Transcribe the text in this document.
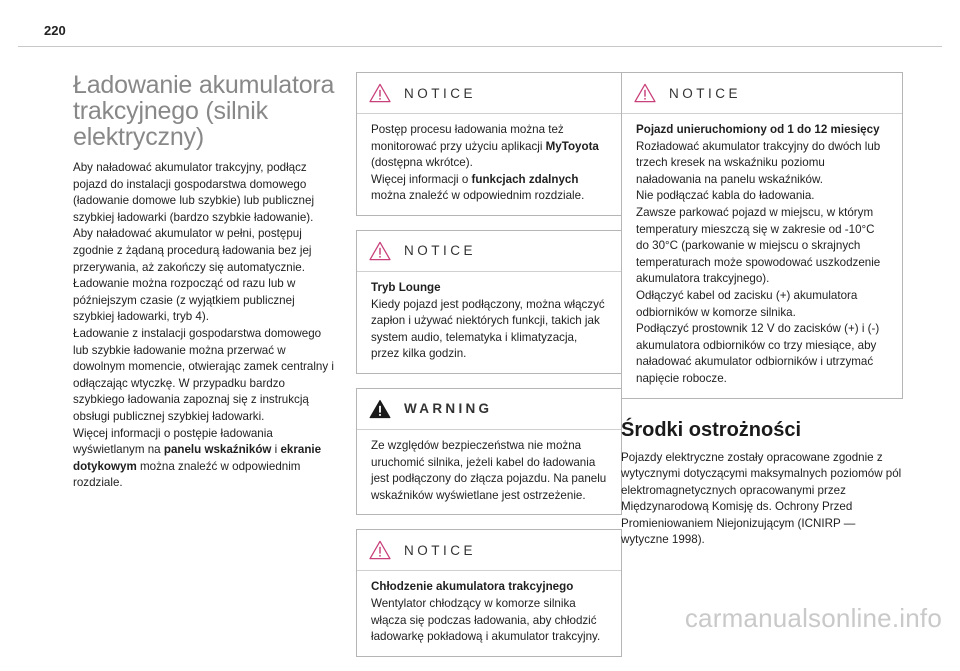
220
Ładowanie akumulatora
trakcyjnego (silnik
elektryczny)
Aby naładować akumulator trakcyjny, podłącz pojazd do instalacji gospodarstwa domowego (ładowanie domowe lub szybkie) lub publicznej szybkiej ładowarki (bardzo szybkie ładowanie).
Aby naładować akumulator w pełni, postępuj zgodnie z żądaną procedurą ładowania bez jej przerywania, aż zakończy się automatycznie.
Ładowanie można rozpocząć od razu lub w późniejszym czasie (z wyjątkiem publicznej szybkiej ładowarki, tryb 4).
Ładowanie z instalacji gospodarstwa domowego lub szybkie ładowanie można przerwać w dowolnym momencie, otwierając zamek centralny i odłączając wtyczkę. W przypadku bardzo szybkiego ładowania zapoznaj się z instrukcją obsługi publicznej szybkiej ładowarki.
Więcej informacji o postępie ładowania wyświetlanym na panelu wskaźników i ekranie dotykowym można znaleźć w odpowiednim rozdziale.
NOTICE
Postęp procesu ładowania można też monitorować przy użyciu aplikacji MyToyota (dostępna wkrótce).
Więcej informacji o funkcjach zdalnych można znaleźć w odpowiednim rozdziale.
NOTICE
Tryb Lounge
Kiedy pojazd jest podłączony, można włączyć zapłon i używać niektórych funkcji, takich jak system audio, telematyka i klimatyzacja, przez kilka godzin.
WARNING
Ze względów bezpieczeństwa nie można uruchomić silnika, jeżeli kabel do ładowania jest podłączony do złącza pojazdu. Na panelu wskaźników wyświetlane jest ostrzeżenie.
NOTICE
Chłodzenie akumulatora trakcyjnego
Wentylator chłodzący w komorze silnika włącza się podczas ładowania, aby chłodzić ładowarkę pokładową i akumulator trakcyjny.
NOTICE
Pojazd unieruchomiony od 1 do 12 miesięcy
Rozładować akumulator trakcyjny do dwóch lub trzech kresek na wskaźniku poziomu naładowania na panelu wskaźników.
Nie podłączać kabla do ładowania.
Zawsze parkować pojazd w miejscu, w którym temperatury mieszczą się w zakresie od -10°C do 30°C (parkowanie w miejscu o skrajnych temperaturach może spowodować uszkodzenie akumulatora trakcyjnego).
Odłączyć kabel od zacisku (+) akumulatora odbiorników w komorze silnika.
Podłączyć prostownik 12 V do zacisków (+) i (-) akumulatora odbiorników co trzy miesiące, aby naładować akumulator odbiorników i utrzymać napięcie robocze.
Środki ostrożności
Pojazdy elektryczne zostały opracowane zgodnie z wytycznymi dotyczącymi maksymalnych poziomów pól elektromagnetycznych opracowanymi przez Międzynarodową Komisję ds. Ochrony Przed Promieniowaniem Niejonizującym (ICNIRP — wytyczne 1998).
carmanualsonline.info
